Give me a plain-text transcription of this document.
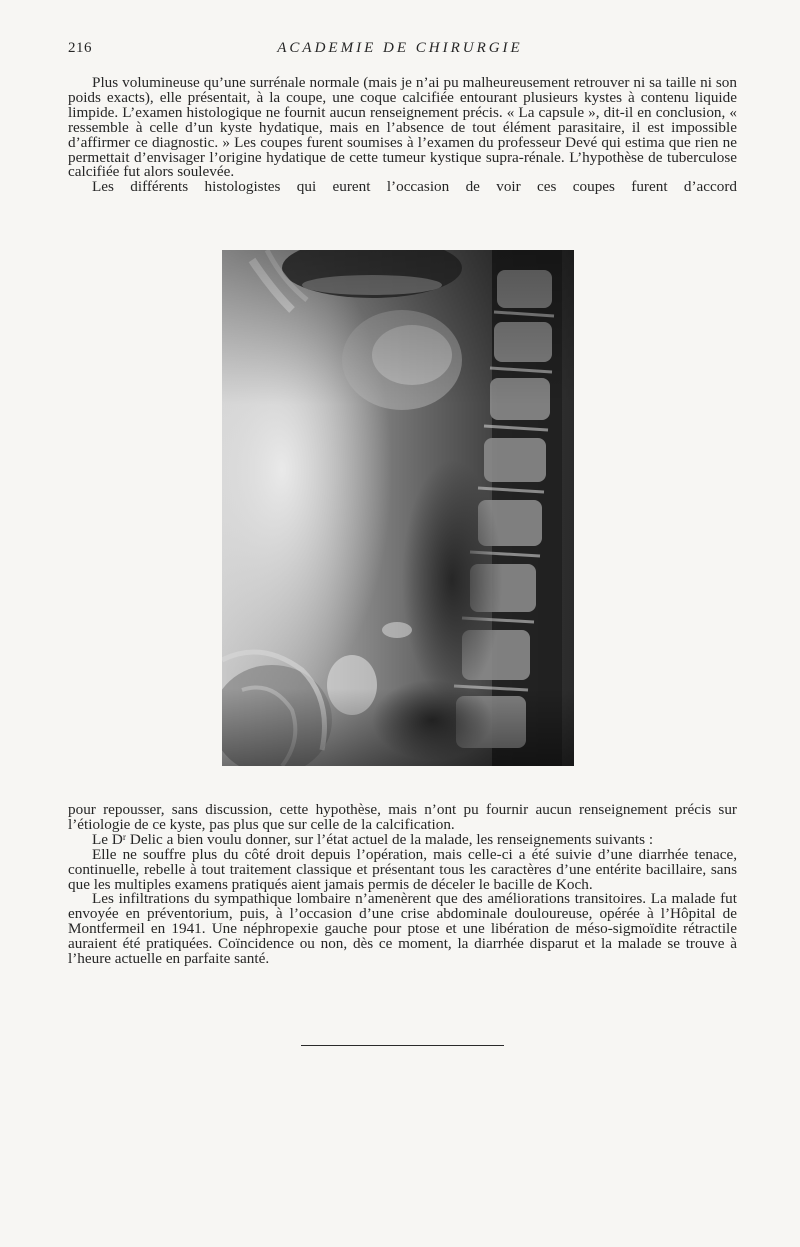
216	ACADEMIE DE CHIRURGIE

Plus volumineuse qu’une surrénale normale (mais je n’ai pu malheureusement retrouver ni sa taille ni son poids exacts), elle présentait, à la coupe, une coque calcifiée entourant plusieurs kystes à contenu liquide limpide. L’examen histologique ne fournit aucun renseignement précis. « La capsule », dit-il en conclusion, « ressemble à celle d’un kyste hydatique, mais en l’absence de tout élément parasitaire, il est impossible d’affirmer ce diagnostic. » Les coupes furent soumises à l’examen du professeur Devé qui estima que rien ne permettait d’envisager l’origine hydatique de cette tumeur kystique supra-rénale. L’hypothèse de tuberculose calcifiée fut alors soulevée.

Les différents histologistes qui eurent l’occasion de voir ces coupes furent d’accord

pour repousser, sans discussion, cette hypothèse, mais n’ont pu fournir aucun renseignement précis sur l’étiologie de ce kyste, pas plus que sur celle de la calcification.

Le Dʳ Delic a bien voulu donner, sur l’état actuel de la malade, les renseignements suivants :

Elle ne souffre plus du côté droit depuis l’opération, mais celle-ci a été suivie d’une diarrhée tenace, continuelle, rebelle à tout traitement classique et présentant tous les caractères d’une entérite bacillaire, sans que les multiples examens pratiqués aient jamais permis de déceler le bacille de Koch.

Les infiltrations du sympathique lombaire n’amenèrent que des améliorations transitoires. La malade fut envoyée en préventorium, puis, à l’occasion d’une crise abdominale douloureuse, opérée à l’Hôpital de Montfermeil en 1941. Une néphropexie gauche pour ptose et une libération de méso-sigmoïdite rétractile auraient été pratiquées. Coïncidence ou non, dès ce moment, la diarrhée disparut et la malade se trouve à l’heure actuelle en parfaite santé.
